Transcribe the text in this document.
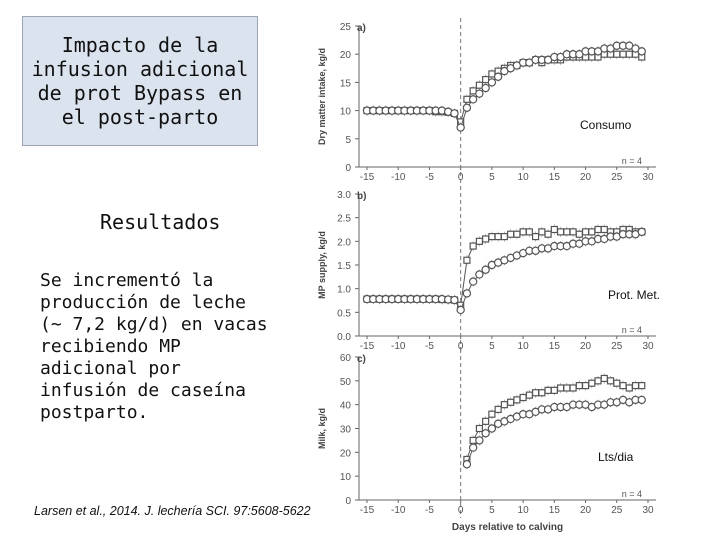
Impacto de la
infusion adicional
de prot Bypass en
el post-parto
Resultados
Se incrementó la producción de leche (~ 7,2 kg/d) en vacas recibiendo MP adicional por infusión de caseína postparto.
Larsen et al., 2014. J. lechería SCI. 97:5608-5622
Consumo
Prot. Met.
Lts/dia
0
5
10
15
20
25
-15 -10 -5 0	5 10 15 20 25 30
a)
n = 4
Dry matter intake, kg/d
0.0
0.5
1.0
1.5
2.0
2.5
3.0
-15 -10 -5 0	5 10 15 20 25 30
b)
n = 4
MP supply, kg/d
0
10
20
30
40
50
60
-15 -10 -5 0	5 10 15 20 25 30
c)
n = 4
Milk, kg/d
Days relative to calving
